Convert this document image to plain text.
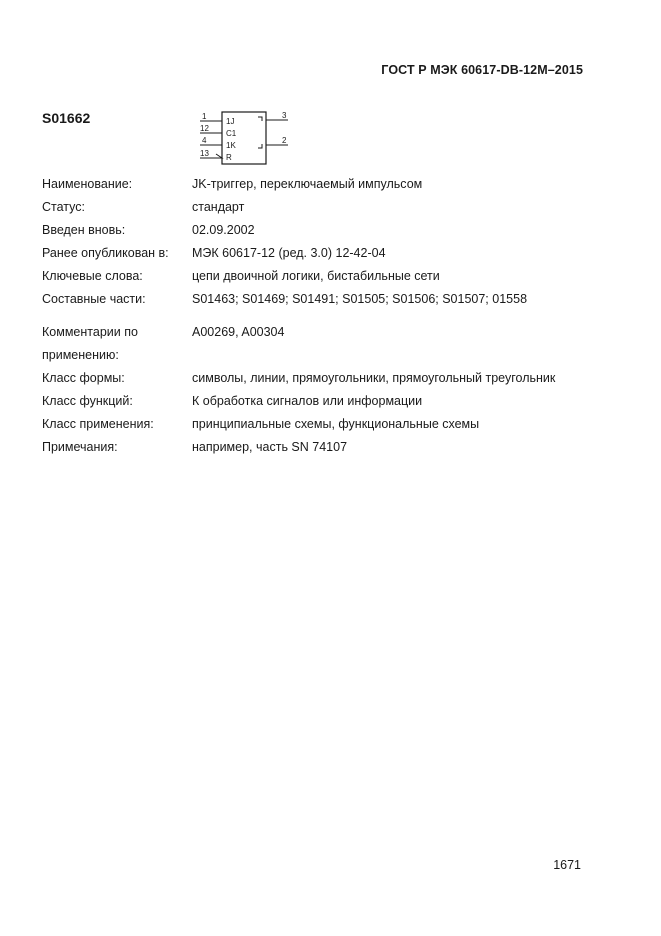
ГОСТ Р МЭК 60617-DB-12M–2015
S01662	1
12
4
13
3
2
1J
C1
1K
R
Наименование:	JK-триггер, переключаемый импульсом
Статус:	стандарт
Введен вновь:	02.09.2002
Ранее опубликован в:	МЭК 60617-12 (ред. 3.0) 12-42-04
Ключевые слова:	цепи двоичной логики, бистабильные сети
Составные части:	S01463; S01469; S01491; S01505; S01506; S01507; 01558
Комментарии по
применению:
A00269, A00304
Класс формы:	символы, линии, прямоугольники, прямоугольный треугольник
Класс функций:	К обработка сигналов или информации
Класс применения:	принципиальные схемы, функциональные схемы
Примечания:	например, часть SN 74107
1671
